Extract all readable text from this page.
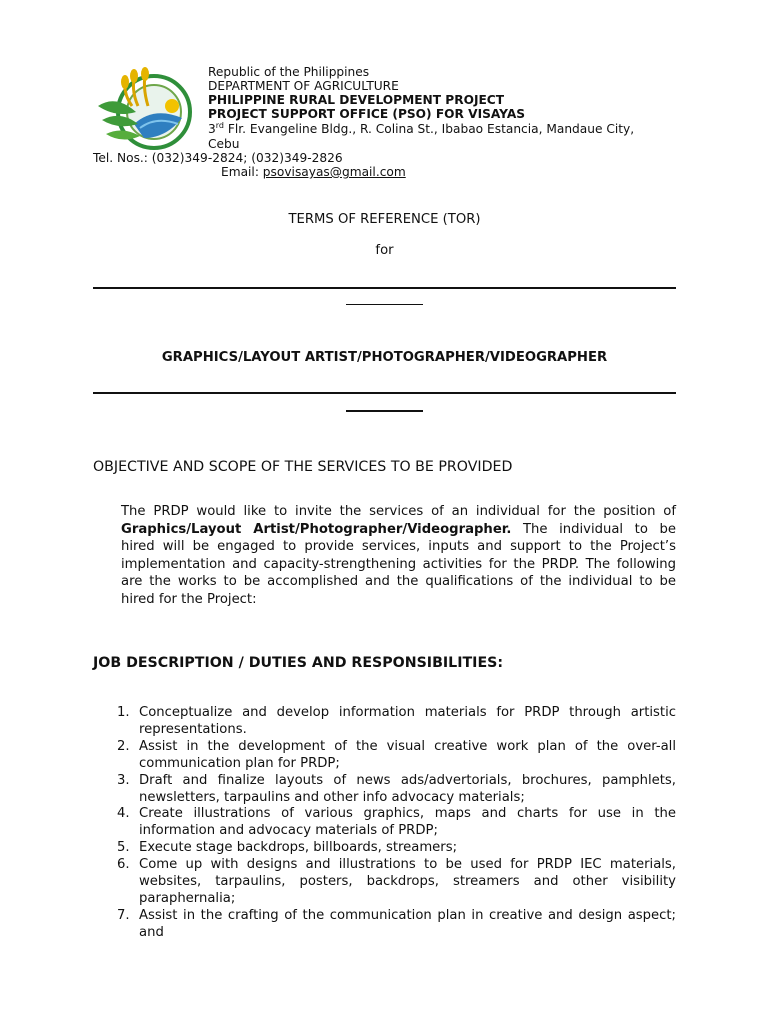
Republic of the Philippines
DEPARTMENT OF AGRICULTURE
PHILIPPINE RURAL DEVELOPMENT PROJECT
PROJECT SUPPORT OFFICE (PSO) FOR VISAYAS
3rd Flr. Evangeline Bldg., R. Colina St., Ibabao Estancia, Mandaue City,
Cebu
Tel. Nos.: (032)349-2824; (032)349-2826
Email: psovisayas@gmail.com
TERMS OF REFERENCE (TOR)
for
GRAPHICS/LAYOUT ARTIST/PHOTOGRAPHER/VIDEOGRAPHER
OBJECTIVE AND SCOPE OF THE SERVICES TO BE PROVIDED
The PRDP would like to invite the services of an individual for the position of Graphics/Layout Artist/Photographer/Videographer. The individual to be hired will be engaged to provide services, inputs and support to the Project’s implementation and capacity-strengthening activities for the PRDP. The following are the works to be accomplished and the qualifications of the individual to be hired for the Project:
JOB DESCRIPTION / DUTIES AND RESPONSIBILITIES:
1. Conceptualize and develop information materials for PRDP through artistic representations.
2. Assist in the development of the visual creative work plan of the over-all communication plan for PRDP;
3. Draft and finalize layouts of news ads/advertorials, brochures, pamphlets, newsletters, tarpaulins and other info advocacy materials;
4. Create illustrations of various graphics, maps and charts for use in the information and advocacy materials of PRDP;
5. Execute stage backdrops, billboards, streamers;
6. Come up with designs and illustrations to be used for PRDP IEC materials, websites, tarpaulins, posters, backdrops, streamers and other visibility paraphernalia;
7. Assist in the crafting of the communication plan in creative and design aspect; and
